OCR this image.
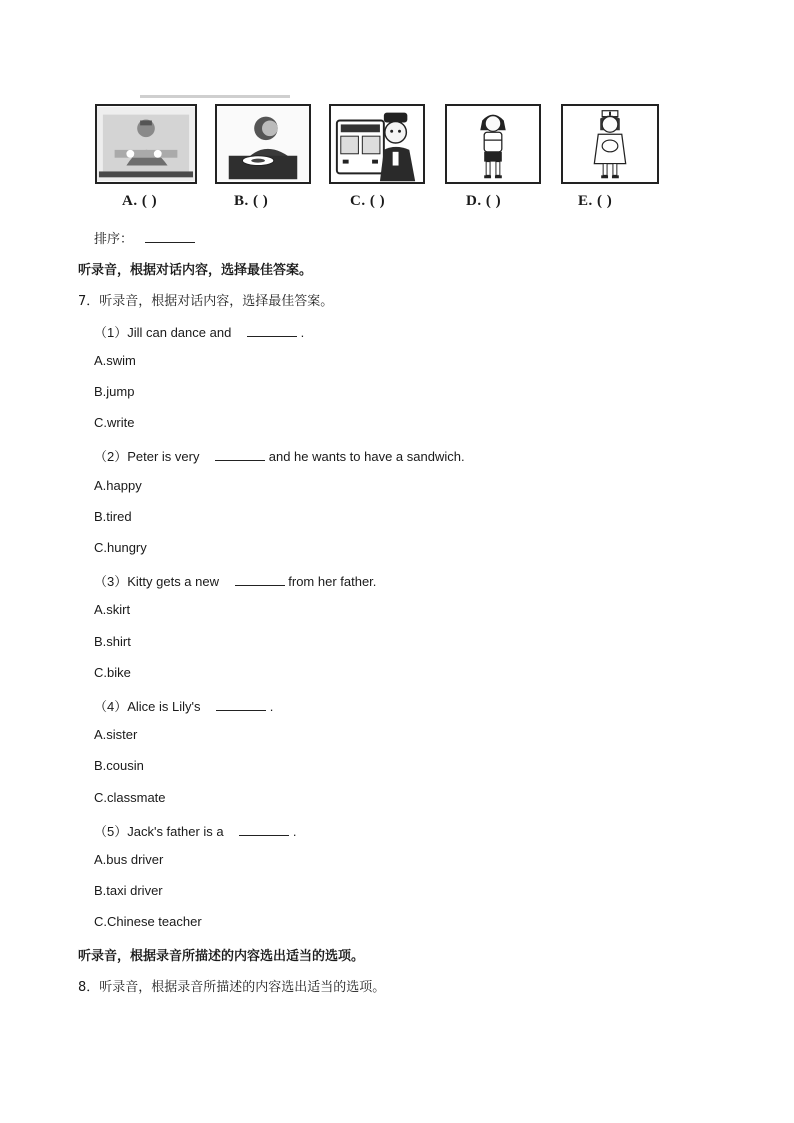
A. ( )	B. ( )	C. ( )	D. ( )	E. ( )
排序：
听录音，根据对话内容，选择最佳答案。
7．听录音，根据对话内容，选择最佳答案。
（1）Jill can dance and	.
A.swim
B.jump
C.write
（2）Peter is very	and he wants to have a sandwich.
A.happy
B.tired
C.hungry
（3）Kitty gets a new	from her father.
A.skirt
B.shirt
C.bike
（4）Alice is Lily's	.
A.sister
B.cousin
C.classmate
（5）Jack's father is a	.
A.bus driver
B.taxi driver
C.Chinese teacher
听录音，根据录音所描述的内容选出适当的选项。
8．听录音，根据录音所描述的内容选出适当的选项。
